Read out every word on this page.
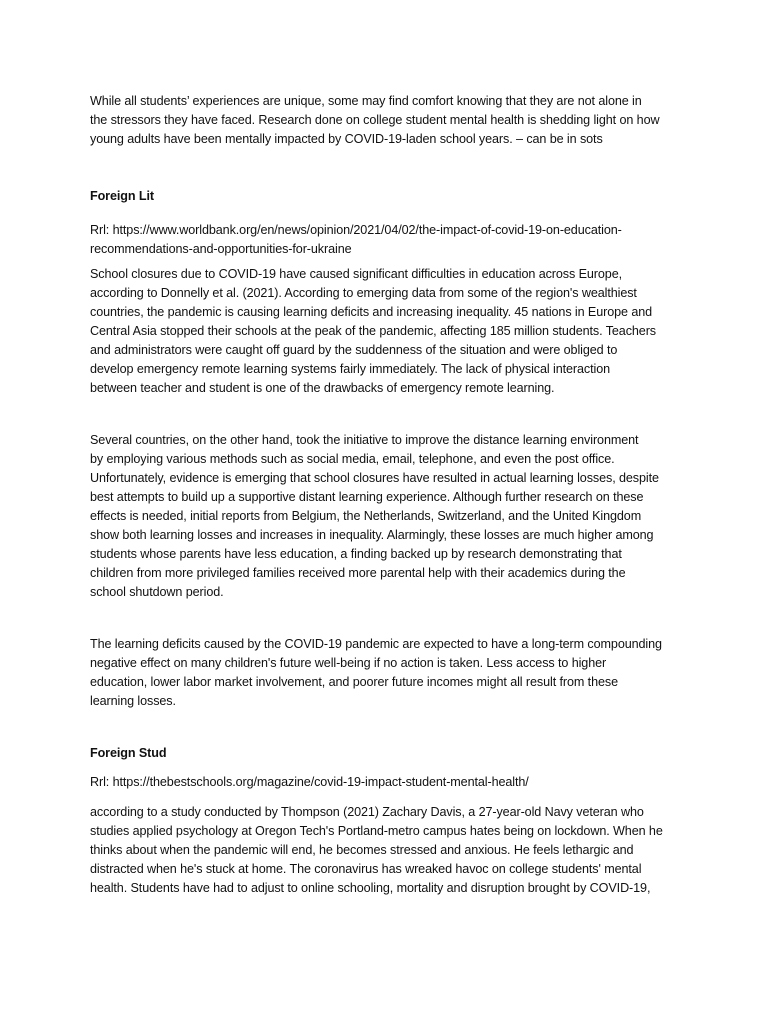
While all students’ experiences are unique, some may find comfort knowing that they are not alone in
the stressors they have faced. Research done on college student mental health is shedding light on how
young adults have been mentally impacted by COVID-19-laden school years. – can be in sots

Foreign Lit

Rrl: https://www.worldbank.org/en/news/opinion/2021/04/02/the-impact-of-covid-19-on-education-
recommendations-and-opportunities-for-ukraine

School closures due to COVID-19 have caused significant difficulties in education across Europe,
according to Donnelly et al. (2021). According to emerging data from some of the region's wealthiest
countries, the pandemic is causing learning deficits and increasing inequality. 45 nations in Europe and
Central Asia stopped their schools at the peak of the pandemic, affecting 185 million students. Teachers
and administrators were caught off guard by the suddenness of the situation and were obliged to
develop emergency remote learning systems fairly immediately. The lack of physical interaction
between teacher and student is one of the drawbacks of emergency remote learning.

Several countries, on the other hand, took the initiative to improve the distance learning environment
by employing various methods such as social media, email, telephone, and even the post office.
Unfortunately, evidence is emerging that school closures have resulted in actual learning losses, despite
best attempts to build up a supportive distant learning experience. Although further research on these
effects is needed, initial reports from Belgium, the Netherlands, Switzerland, and the United Kingdom
show both learning losses and increases in inequality. Alarmingly, these losses are much higher among
students whose parents have less education, a finding backed up by research demonstrating that
children from more privileged families received more parental help with their academics during the
school shutdown period.

The learning deficits caused by the COVID-19 pandemic are expected to have a long-term compounding
negative effect on many children's future well-being if no action is taken. Less access to higher
education, lower labor market involvement, and poorer future incomes might all result from these
learning losses.

Foreign Stud

Rrl: https://thebestschools.org/magazine/covid-19-impact-student-mental-health/

according to a study conducted by Thompson (2021) Zachary Davis, a 27-year-old Navy veteran who
studies applied psychology at Oregon Tech's Portland-metro campus hates being on lockdown. When he
thinks about when the pandemic will end, he becomes stressed and anxious. He feels lethargic and
distracted when he's stuck at home. The coronavirus has wreaked havoc on college students' mental
health. Students have had to adjust to online schooling, mortality and disruption brought by COVID-19,
